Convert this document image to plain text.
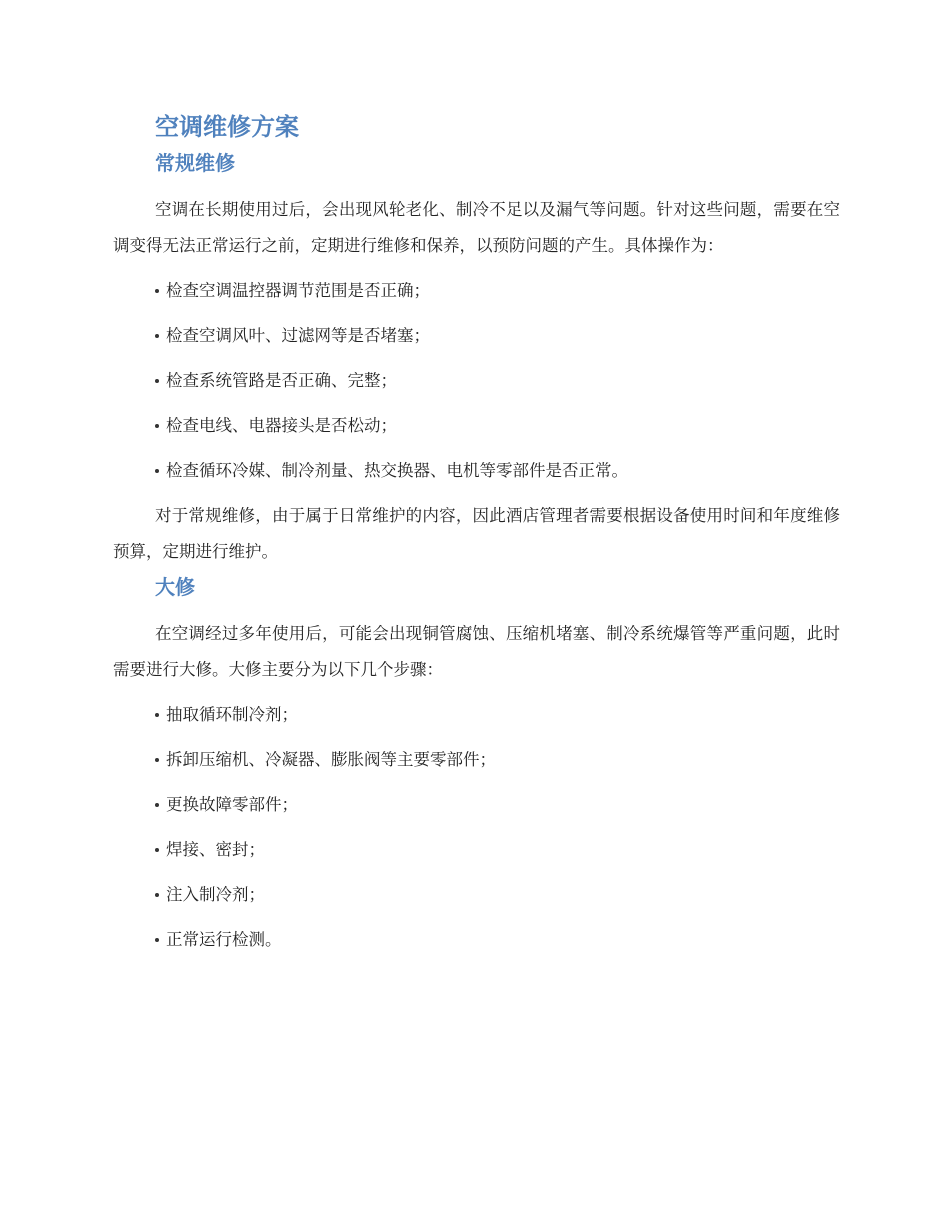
空调维修方案
常规维修

空调在长期使用过后，会出现风轮老化、制冷不足以及漏气等问题。针对这些问题，需要在空调变得无法正常运行之前，定期进行维修和保养，以预防问题的产生。具体操作为：

检查空调温控器调节范围是否正确；
检查空调风叶、过滤网等是否堵塞；
检查系统管路是否正确、完整；
检查电线、电器接头是否松动；
检查循环冷媒、制冷剂量、热交换器、电机等零部件是否正常。

对于常规维修，由于属于日常维护的内容，因此酒店管理者需要根据设备使用时间和年度维修预算，定期进行维护。

大修

在空调经过多年使用后，可能会出现铜管腐蚀、压缩机堵塞、制冷系统爆管等严重问题，此时需要进行大修。大修主要分为以下几个步骤：

抽取循环制冷剂；
拆卸压缩机、冷凝器、膨胀阀等主要零部件；
更换故障零部件；
焊接、密封；
注入制冷剂；
正常运行检测。
